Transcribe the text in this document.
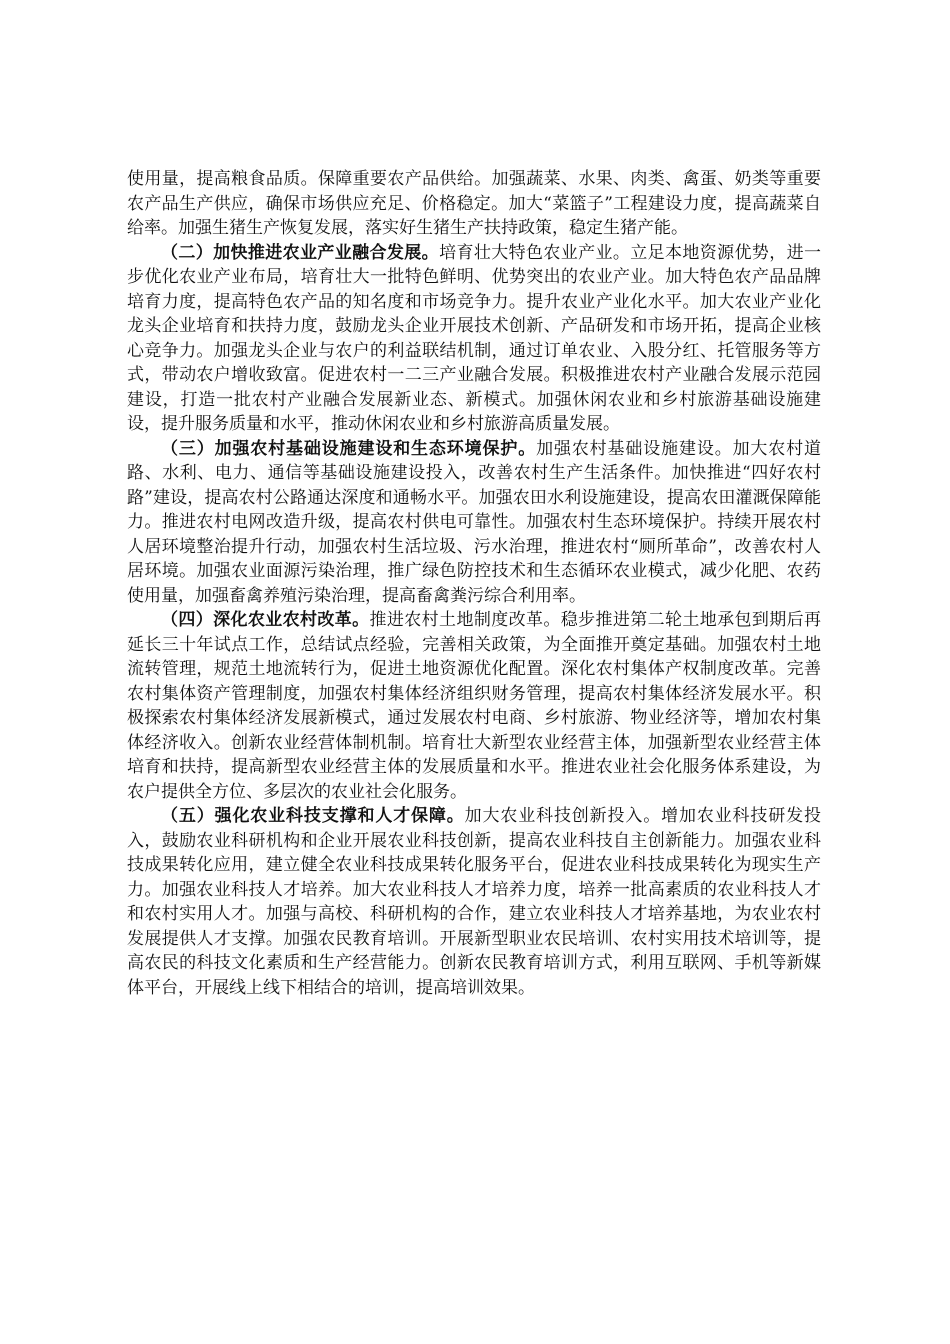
使用量，提高粮食品质。保障重要农产品供给。加强蔬菜、水果、肉类、禽蛋、奶类等重要农产品生产供应，确保市场供应充足、价格稳定。加大“菜篮子”工程建设力度，提高蔬菜自给率。加强生猪生产恢复发展，落实好生猪生产扶持政策，稳定生猪产能。

（二）加快推进农业产业融合发展。培育壮大特色农业产业。立足本地资源优势，进一步优化农业产业布局，培育壮大一批特色鲜明、优势突出的农业产业。加大特色农产品品牌培育力度，提高特色农产品的知名度和市场竞争力。提升农业产业化水平。加大农业产业化龙头企业培育和扶持力度，鼓励龙头企业开展技术创新、产品研发和市场开拓，提高企业核心竞争力。加强龙头企业与农户的利益联结机制，通过订单农业、入股分红、托管服务等方式，带动农户增收致富。促进农村一二三产业融合发展。积极推进农村产业融合发展示范园建设，打造一批农村产业融合发展新业态、新模式。加强休闲农业和乡村旅游基础设施建设，提升服务质量和水平，推动休闲农业和乡村旅游高质量发展。

（三）加强农村基础设施建设和生态环境保护。加强农村基础设施建设。加大农村道路、水利、电力、通信等基础设施建设投入，改善农村生产生活条件。加快推进“四好农村路”建设，提高农村公路通达深度和通畅水平。加强农田水利设施建设，提高农田灌溉保障能力。推进农村电网改造升级，提高农村供电可靠性。加强农村生态环境保护。持续开展农村人居环境整治提升行动，加强农村生活垃圾、污水治理，推进农村“厕所革命”，改善农村人居环境。加强农业面源污染治理，推广绿色防控技术和生态循环农业模式，减少化肥、农药使用量，加强畜禽养殖污染治理，提高畜禽粪污综合利用率。

（四）深化农业农村改革。推进农村土地制度改革。稳步推进第二轮土地承包到期后再延长三十年试点工作，总结试点经验，完善相关政策，为全面推开奠定基础。加强农村土地流转管理，规范土地流转行为，促进土地资源优化配置。深化农村集体产权制度改革。完善农村集体资产管理制度，加强农村集体经济组织财务管理，提高农村集体经济发展水平。积极探索农村集体经济发展新模式，通过发展农村电商、乡村旅游、物业经济等，增加农村集体经济收入。创新农业经营体制机制。培育壮大新型农业经营主体，加强新型农业经营主体培育和扶持，提高新型农业经营主体的发展质量和水平。推进农业社会化服务体系建设，为农户提供全方位、多层次的农业社会化服务。

（五）强化农业科技支撑和人才保障。加大农业科技创新投入。增加农业科技研发投入，鼓励农业科研机构和企业开展农业科技创新，提高农业科技自主创新能力。加强农业科技成果转化应用，建立健全农业科技成果转化服务平台，促进农业科技成果转化为现实生产力。加强农业科技人才培养。加大农业科技人才培养力度，培养一批高素质的农业科技人才和农村实用人才。加强与高校、科研机构的合作，建立农业科技人才培养基地，为农业农村发展提供人才支撑。加强农民教育培训。开展新型职业农民培训、农村实用技术培训等，提高农民的科技文化素质和生产经营能力。创新农民教育培训方式，利用互联网、手机等新媒体平台，开展线上线下相结合的培训，提高培训效果。
